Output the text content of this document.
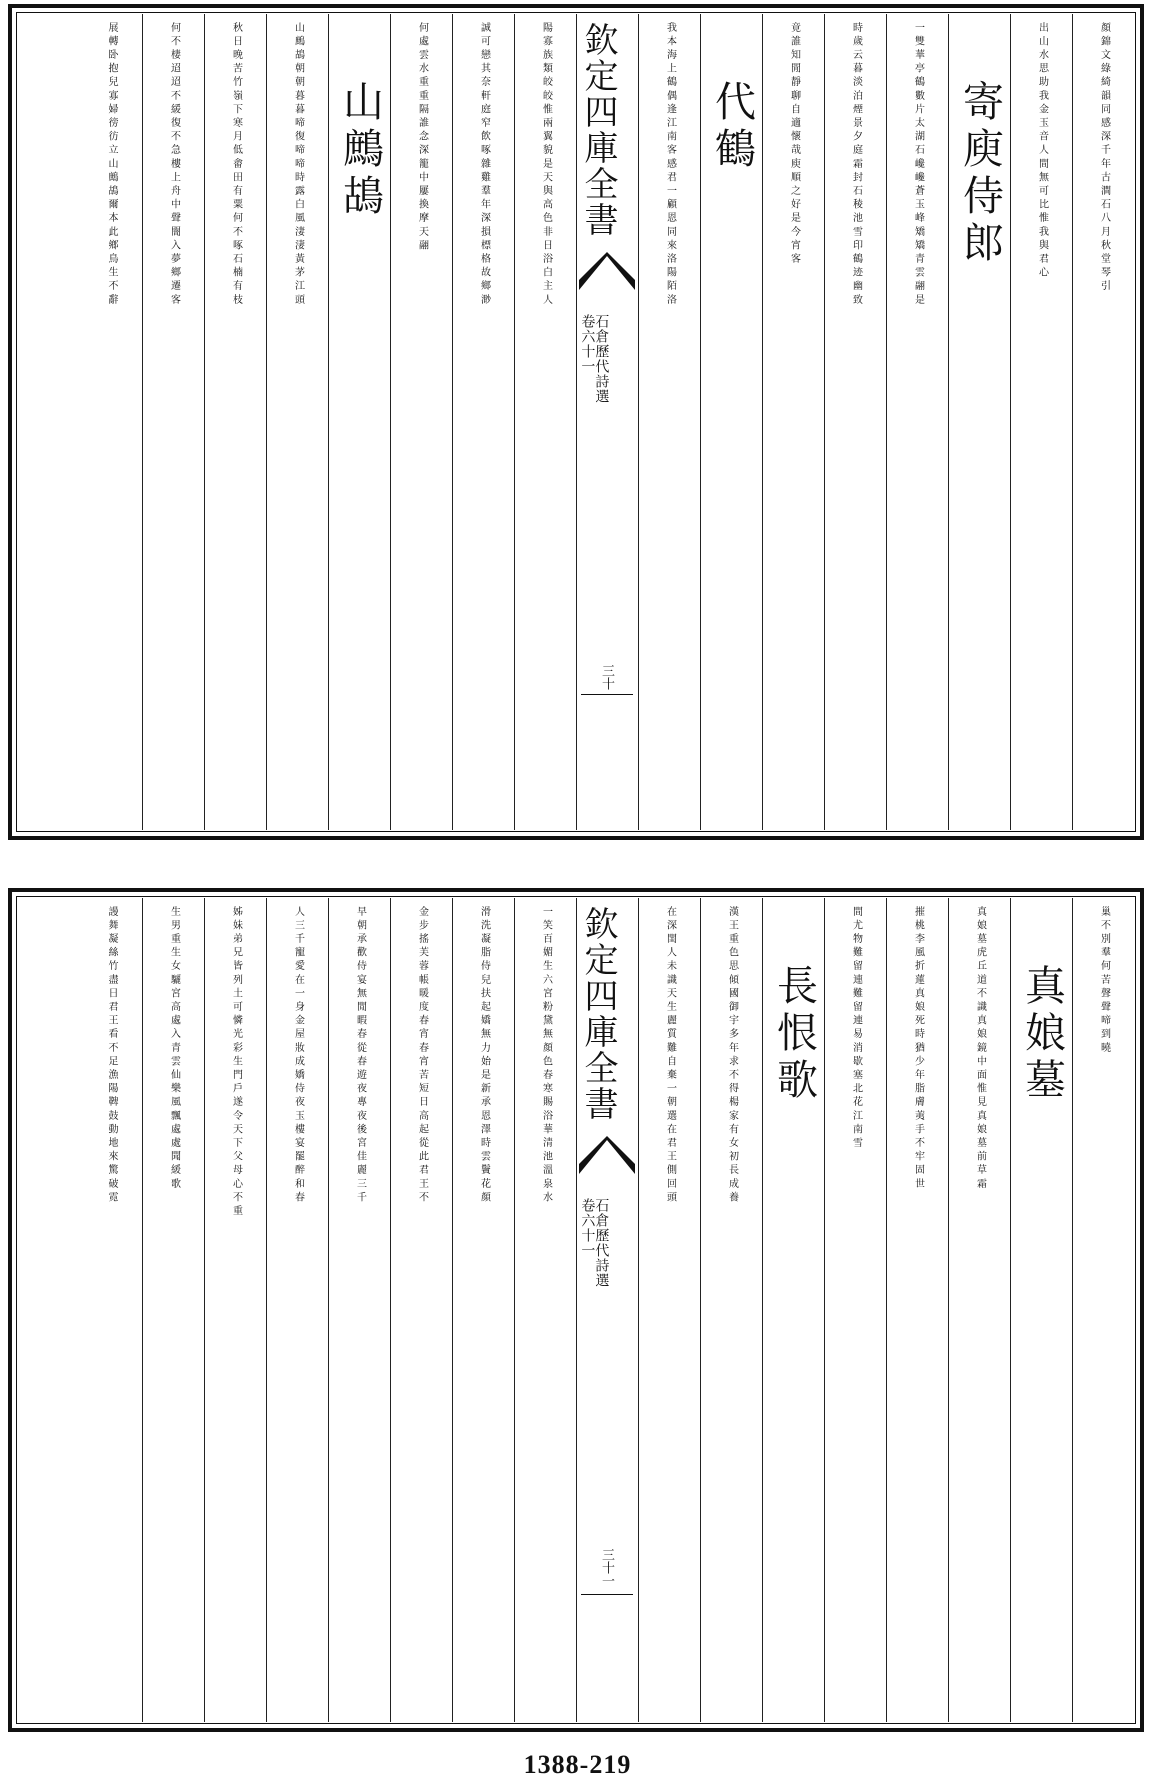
顏錦文綠綺韻同感深千年古澗石八月秋堂琴引
出山水思助我金玉音人間無可比惟我與君心
寄庾侍郎
一雙華亭鶴數片太湖石巉巉蒼玉峰矯矯青雲翮是
時歲云暮淡泊煙景夕庭霜封石稜池雪印鶴迹幽致
竟誰知閒靜聊自適懷哉庾順之好是今宵客
代鶴
我本海上鶴偶逢江南客感君一顧恩同來洛陽陌洛
欽定四庫全書
石倉歷代詩選
卷六十一
三十
陽寡族類皎皎惟兩翼貌是天與高色非日浴白主人
誠可戀其奈軒庭窄飲啄雜雞羣年深損標格故鄉渺
何處雲水重重隔誰念深籠中屢換摩天翮
山鷓鴣
山鷓鴣朝朝暮暮啼復啼啼時露白風淒淒黃茅江頭
秋日晚苦竹嶺下寒月低畬田有粟何不啄石楠有枝
何不棲迢迢不緩復不急樓上舟中聲闇入夢鄉遷客
展轉卧抱兒寡婦徬彷立山鷓鴣爾本此鄉鳥生不辭
巢不別羣何苦聲聲啼到曉
真娘墓
真娘墓虎丘道不識真娘鏡中面惟見真娘墓前草霜
摧桃李風折蓮真娘死時猶少年脂膚荑手不牢固世
間尤物難留連難留連易消歇塞北花江南雪
長恨歌
漢王重色思傾國御宇多年求不得楊家有女初長成養
在深閨人未識天生麗質難自棄一朝選在君王側回頭
欽定四庫全書
石倉歷代詩選
卷六十一
三十一
一笑百媚生六宮粉黛無顏色春寒賜浴華清池溫泉水
滑洗凝脂侍兒扶起嬌無力始是新承恩澤時雲鬢花顏
金步搖芙蓉帳暖度春宵春宵苦短日高起從此君王不
早朝承歡侍宴無閒暇春從春遊夜專夜後宮佳麗三千
人三千寵愛在一身金屋妝成嬌侍夜玉樓宴罷醉和春
姊妹弟兄皆列土可憐光彩生門戶遂令天下父母心不重
生男重生女驪宮高處入青雲仙樂風飄處處聞緩歌
謾舞凝絲竹盡日君王看不足漁陽鞞鼓動地來驚破霓
1388-219
